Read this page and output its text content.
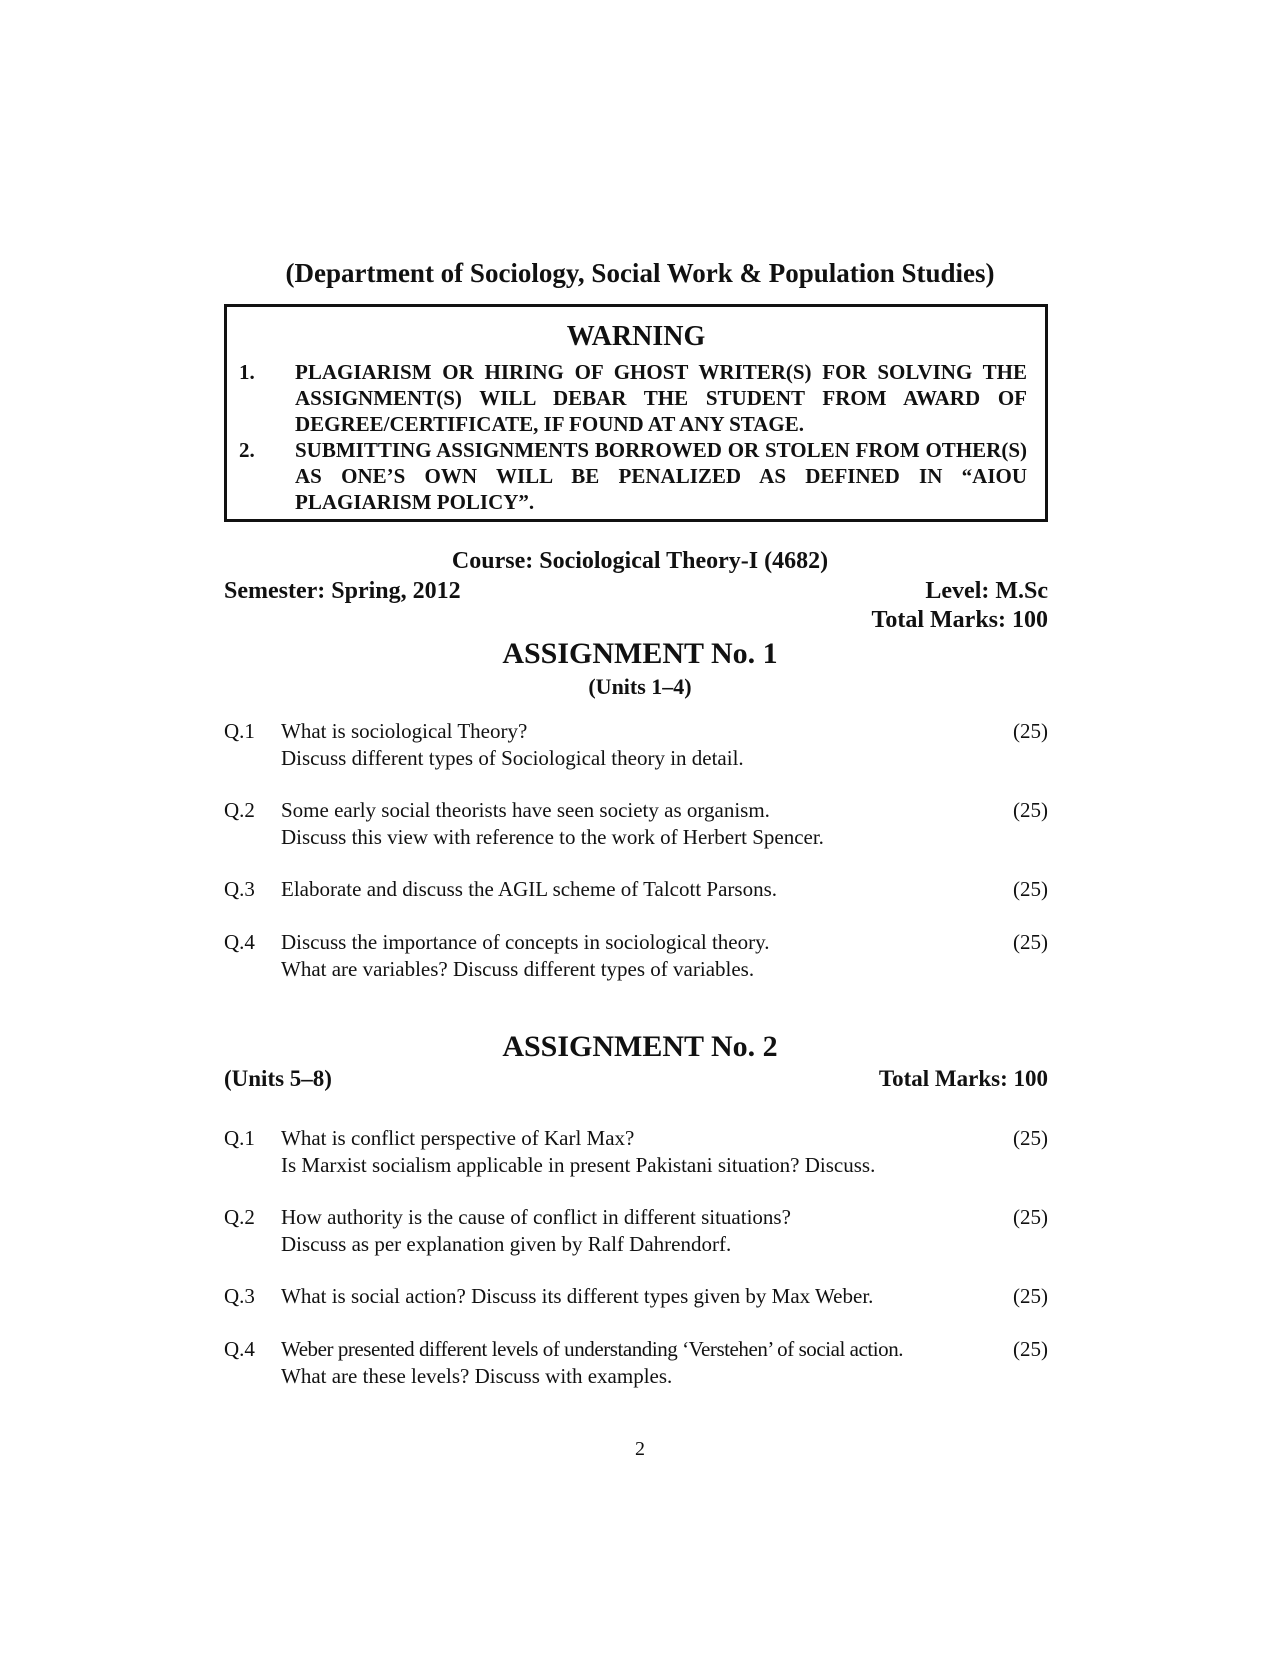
(Department of Sociology, Social Work & Population Studies)
WARNING
1. PLAGIARISM OR HIRING OF GHOST WRITER(S) FOR SOLVING THE ASSIGNMENT(S) WILL DEBAR THE STUDENT FROM AWARD OF DEGREE/CERTIFICATE, IF FOUND AT ANY STAGE.
2. SUBMITTING ASSIGNMENTS BORROWED OR STOLEN FROM OTHER(S) AS ONE’S OWN WILL BE PENALIZED AS DEFINED IN “AIOU PLAGIARISM POLICY”.
Course: Sociological Theory-I (4682)
Semester: Spring, 2012	Level: M.Sc
Total Marks: 100
ASSIGNMENT No. 1
(Units 1–4)
Q.1 What is sociological Theory?
Discuss different types of Sociological theory in detail.
(25)
Q.2 Some early social theorists have seen society as organism.
Discuss this view with reference to the work of Herbert Spencer.
(25)
Q.3 Elaborate and discuss the AGIL scheme of Talcott Parsons.	(25)
Q.4 Discuss the importance of concepts in sociological theory.
What are variables? Discuss different types of variables.
(25)
ASSIGNMENT No. 2
(Units 5–8)	Total Marks: 100
Q.1 What is conflict perspective of Karl Max?
Is Marxist socialism applicable in present Pakistani situation? Discuss.
(25)
Q.2 How authority is the cause of conflict in different situations?
Discuss as per explanation given by Ralf Dahrendorf.
(25)
Q.3 What is social action? Discuss its different types given by Max Weber.	(25)
Q.4 Weber presented different levels of understanding ‘Verstehen’ of social action.
What are these levels? Discuss with examples.
(25)
2
